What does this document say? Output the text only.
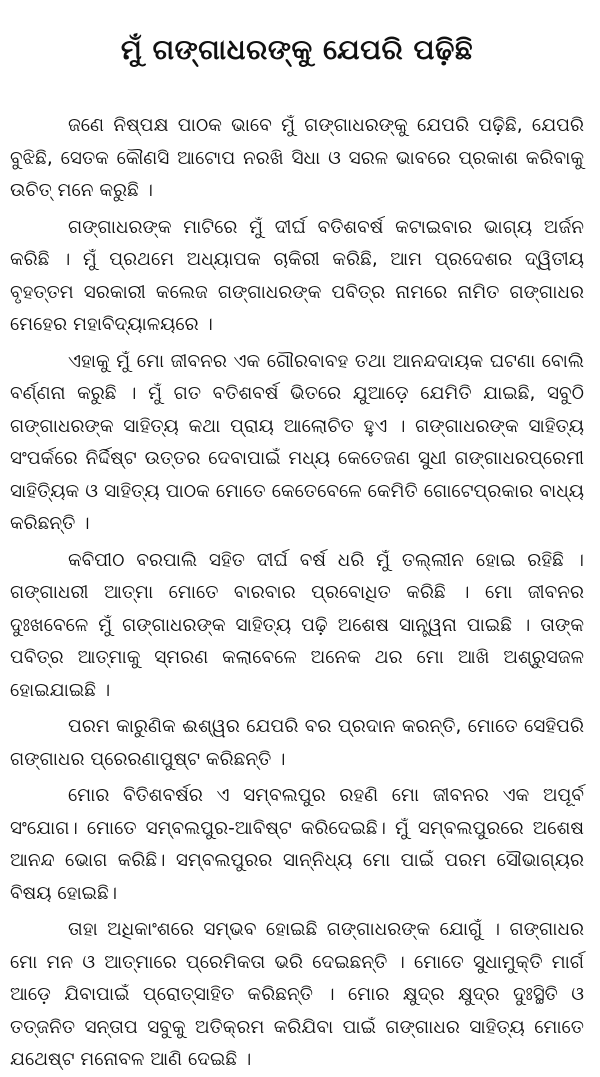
ମୁଁ ଗଙ୍ଗାଧରଙ୍କୁ ଯେପରି ପଢ଼ିଛି

ଜଣେ ନିଷ୍ପକ୍ଷ ପାଠକ ଭାବେ ମୁଁ ଗଙ୍ଗାଧରଙ୍କୁ ଯେପରି ପଢ଼ିଛି, ଯେପରି ବୁଝିଛି, ସେତକ କୌଣସି ଆଟୋପ ନରଖି ସିଧା ଓ ସରଳ ଭାବରେ ପ୍ରକାଶ କରିବାକୁ ଉଚିତ୍ ମନେ କରୁଛି ।

ଗଙ୍ଗାଧରଙ୍କ ମାଟିରେ ମୁଁ ଦୀର୍ଘ ବତିଶବର୍ଷ କଟାଇବାର ଭାଗ୍ୟ ଅର୍ଜନ କରିଛି । ମୁଁ ପ୍ରଥମେ ଅଧ୍ୟାପକ ଚାକିରୀ କରିଛି, ଆମ ପ୍ରଦେଶର ଦ୍ୱିତୀୟ ବୃହତ୍ତମ ସରକାରୀ କଲେଜ ଗଙ୍ଗାଧରଙ୍କ ପବିତ୍ର ନାମରେ ନାମିତ ଗଙ୍ଗାଧର ମେହେର ମହାବିଦ୍ୟାଳୟରେ ।

ଏହାକୁ ମୁଁ ମୋ ଜୀବନର ଏକ ଗୌରବାବହ ତଥା ଆନନ୍ଦଦାୟକ ଘଟଣା ବୋଲି ବର୍ଣ୍ଣନା କରୁଛି । ମୁଁ ଗତ ବତିଶବର୍ଷ ଭିତରେ ଯୁଆଡ଼େ ଯେମିତି ଯାଇଛି, ସବୁଠି ଗଙ୍ଗାଧରଙ୍କ ସାହିତ୍ୟ କଥା ପ୍ରାୟ ଆଲୋଚିତ ହୁଏ । ଗଙ୍ଗାଧରଙ୍କ ସାହିତ୍ୟ ସଂପର୍କରେ ନିର୍ଦ୍ଦିଷ୍ଟ ଉତ୍ତର ଦେବାପାଇଁ ମଧ୍ୟ କେତେଜଣ ସୁଧୀ ଗଙ୍ଗାଧରପ୍ରେମୀ ସାହିତ୍ୟିକ ଓ ସାହିତ୍ୟ ପାଠକ ମୋତେ କେତେବେଳେ କେମିତି ଗୋଟେପ୍ରକାର ବାଧ୍ୟ କରିଛନ୍ତି ।

କବିପୀଠ ବରପାଲି ସହିତ ଦୀର୍ଘ ବର୍ଷ ଧରି ମୁଁ ତଲ୍ଲୀନ ହୋଇ ରହିଛି । ଗଙ୍ଗାଧରୀ ଆତ୍ମା ମୋତେ ବାରବାର ପ୍ରବୋଧିତ କରିଛି । ମୋ ଜୀବନର ଦୁଃଖବେଳେ ମୁଁ ଗଙ୍ଗାଧରଙ୍କ ସାହିତ୍ୟ ପଢ଼ି ଅଶେଷ ସାନ୍ତ୍ୱନା ପାଇଛି । ତାଙ୍କ ପବିତ୍ର ଆତ୍ମାକୁ ସ୍ମରଣ କଲାବେଳେ ଅନେକ ଥର ମୋ ଆଖି ଅଶ୍ରୁସଜଳ ହୋଇଯାଇଛି ।

ପରମ କାରୁଣିକ ଈଶ୍ୱର ଯେପରି ବର ପ୍ରଦାନ କରନ୍ତି, ମୋତେ ସେହିପରି ଗଙ୍ଗାଧର ପ୍ରେରଣାପୁଷ୍ଟ କରିଛନ୍ତି ।

ମୋର ବିତିଶବର୍ଷର ଏ ସମ୍ବଲପୁର ରହଣି ମୋ ଜୀବନର ଏକ ଅପୂର୍ବ ସଂଯୋଗ। ମୋତେ ସମ୍ବଲପୁର-ଆବିଷ୍ଟ କରିଦେଇଛି। ମୁଁ ସମ୍ବଲପୁରରେ ଅଶେଷ ଆନନ୍ଦ ଭୋଗ କରିଛି। ସମ୍ବଲପୁରର ସାନ୍ନିଧ୍ୟ ମୋ ପାଇଁ ପରମ ସୌଭାଗ୍ୟର ବିଷୟ ହୋଇଛି।

ତାହା ଅଧିକାଂଶରେ ସମ୍ଭବ ହୋଇଛି ଗଙ୍ଗାଧରଙ୍କ ଯୋଗୁଁ । ଗଙ୍ଗାଧର ମୋ ମନ ଓ ଆତ୍ମାରେ ପ୍ରେମିକତା ଭରି ଦେଇଛନ୍ତି । ମୋତେ ସୁଧାମୁକ୍ତି ମାର୍ଗ ଆଡ଼େ ଯିବାପାଇଁ ପ୍ରୋତ୍ସାହିତ କରିଛନ୍ତି । ମୋର କ୍ଷୁଦ୍ର କ୍ଷୁଦ୍ର ଦୁଃସ୍ଥିତି ଓ ତତ୍ଜନିତ ସନ୍ତାପ ସବୁକୁ ଅତିକ୍ରମ କରିଯିବା ପାଇଁ ଗଙ୍ଗାଧର ସାହିତ୍ୟ ମୋତେ ଯଥେଷ୍ଟ ମନୋବଳ ଆଣି ଦେଇଛି ।
